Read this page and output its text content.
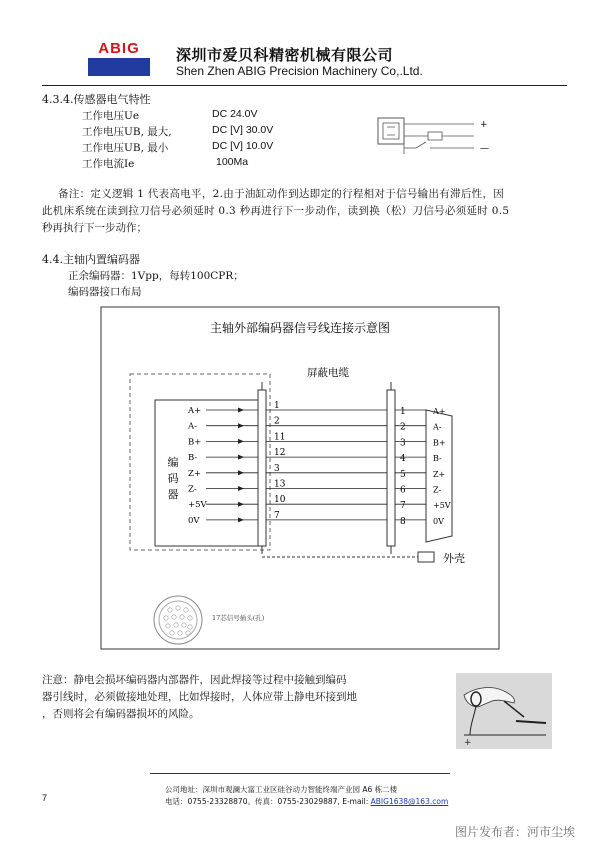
ABIG	深圳市爱贝科精密机械有限公司
Shen Zhen ABIG Precision Machinery Co,.Ltd.
4.3.4.传感器电气特性
工作电压Ue	DC 24.0V
工作电压UB, 最大,	DC [V] 30.0V
工作电压UB, 最小	DC [V] 10.0V
工作电流Ie	100Ma
+
—
备注：定义逻辑 1 代表高电平，2.由于油缸动作到达即定的行程相对于信号输出有滞后性，因
此机床系统在读到拉刀信号必须延时 0.3 秒再进行下一步动作，读到换（松）刀信号必须延时 0.5
秒再执行下一步动作；
4.4.主轴内置编码器
正余编码器：1Vpp，每转100CPR；
编码器接口布局
主轴外部编码器信号线连接示意图
屏蔽电缆
编
码
器
外壳
A+	1
1	A+
A-	2
2	A-
B+	11
3	B+
B-	12
4	B-
Z+	3
5	Z+
Z-	13
6	Z-
+5V	10
7	+5V
0V	7
8	0V
17芯信号插头(孔)
注意：静电会损坏编码器内部器件，因此焊接等过程中接触到编码
器引线时，必须做接地处理，比如焊接时，人体应带上静电环接到地
，否则将会有编码器损坏的风险。
+
公司地址：深圳市观澜大富工业区硅谷动力智能终端产业园 A6 栋二楼
电话：0755-23328870。传真：0755-23029887, E-mail: ABIG1638@163.com
7
图片发布者：河市尘埃
